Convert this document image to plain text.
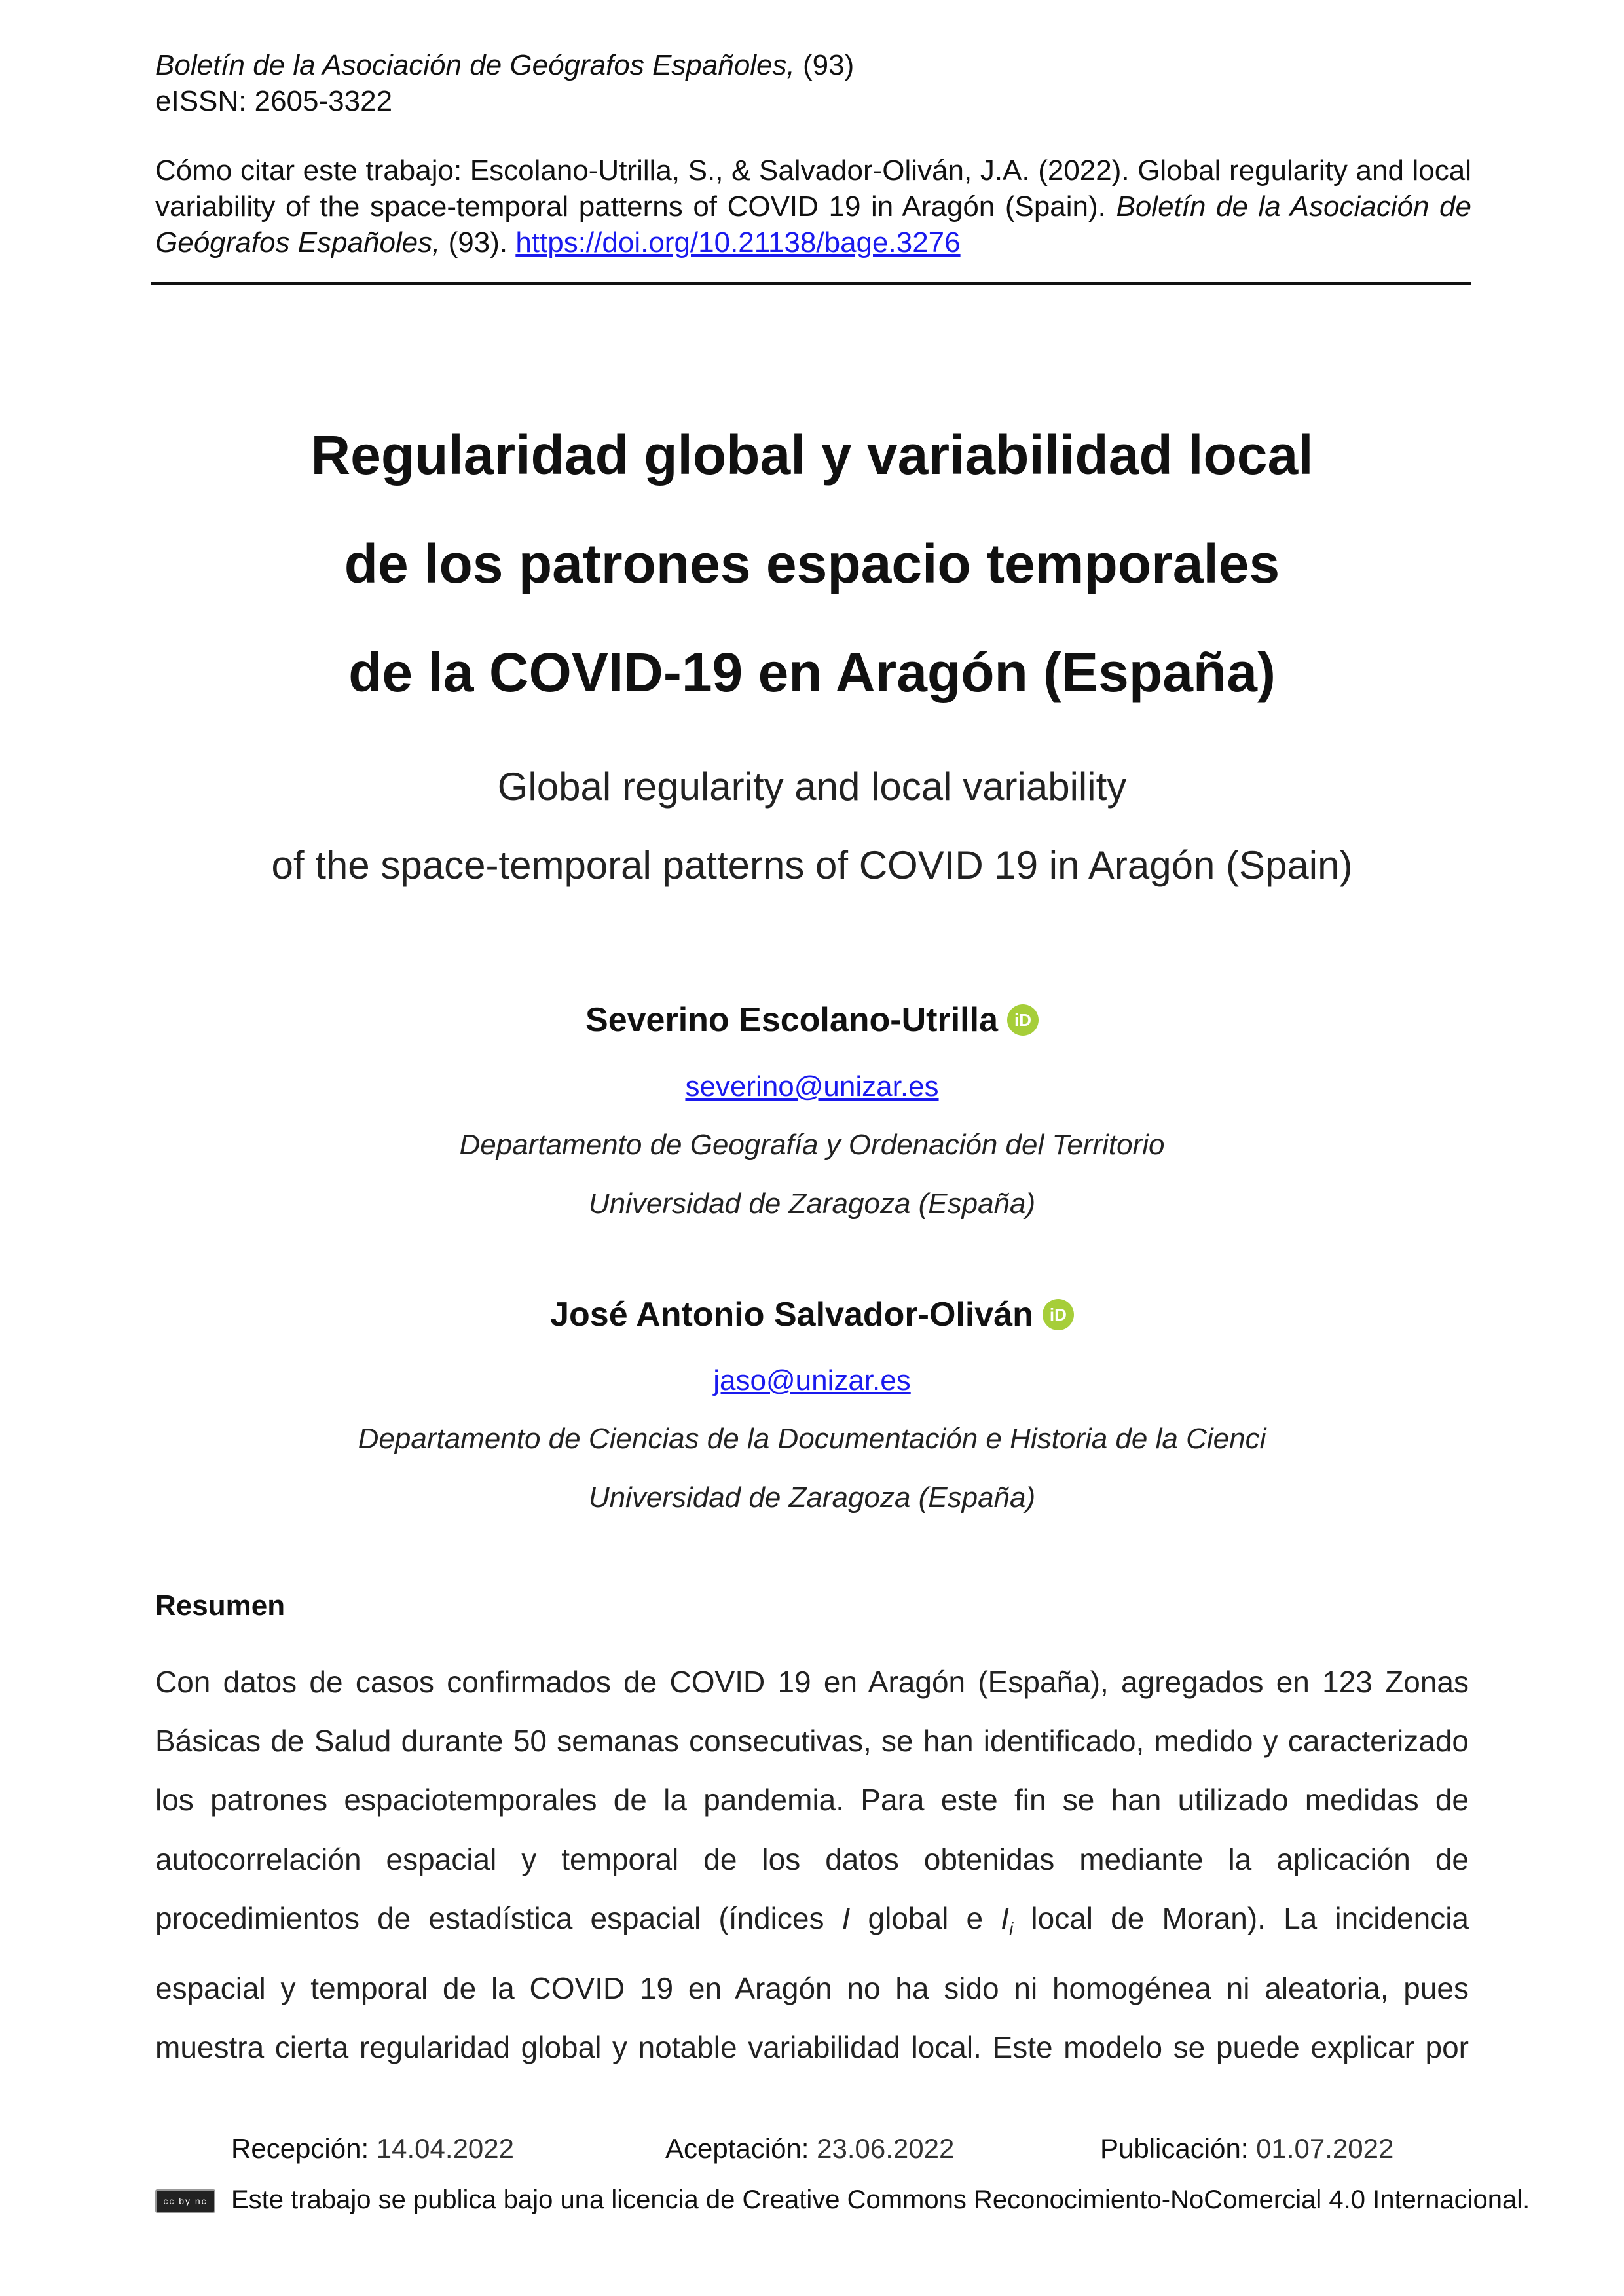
Boletín de la Asociación de Geógrafos Españoles, (93)
eISSN: 2605-3322
Cómo citar este trabajo: Escolano-Utrilla, S., & Salvador-Oliván, J.A. (2022). Global regularity and local variability of the space-temporal patterns of COVID 19 in Aragón (Spain). Boletín de la Asociación de Geógrafos Españoles, (93). https://doi.org/10.21138/bage.3276
Regularidad global y variabilidad local
de los patrones espacio temporales
de la COVID-19 en Aragón (España)
Global regularity and local variability
of the space-temporal patterns of COVID 19 in Aragón (Spain)
Severino Escolano-Utrilla iD
severino@unizar.es
Departamento de Geografía y Ordenación del Territorio
Universidad de Zaragoza (España)
José Antonio Salvador-Oliván iD
jaso@unizar.es
Departamento de Ciencias de la Documentación e Historia de la Cienci
Universidad de Zaragoza (España)
Resumen
Con datos de casos confirmados de COVID 19 en Aragón (España), agregados en 123 Zonas
Básicas de Salud durante 50 semanas consecutivas, se han identificado, medido y caracterizado
los patrones espaciotemporales de la pandemia. Para este fin se han utilizado medidas de
autocorrelación espacial y temporal de los datos obtenidas mediante la aplicación de
procedimientos de estadística espacial (índices I global e $I_i$ local de Moran). La incidencia
espacial y temporal de la COVID 19 en Aragón no ha sido ni homogénea ni aleatoria, pues
muestra cierta regularidad global y notable variabilidad local. Este modelo se puede explicar por
Recepción: 14.04.2022	Aceptación: 23.06.2022	Publicación: 01.07.2022
cc by nc Este trabajo se publica bajo una licencia de Creative Commons Reconocimiento-NoComercial 4.0 Internacional.
